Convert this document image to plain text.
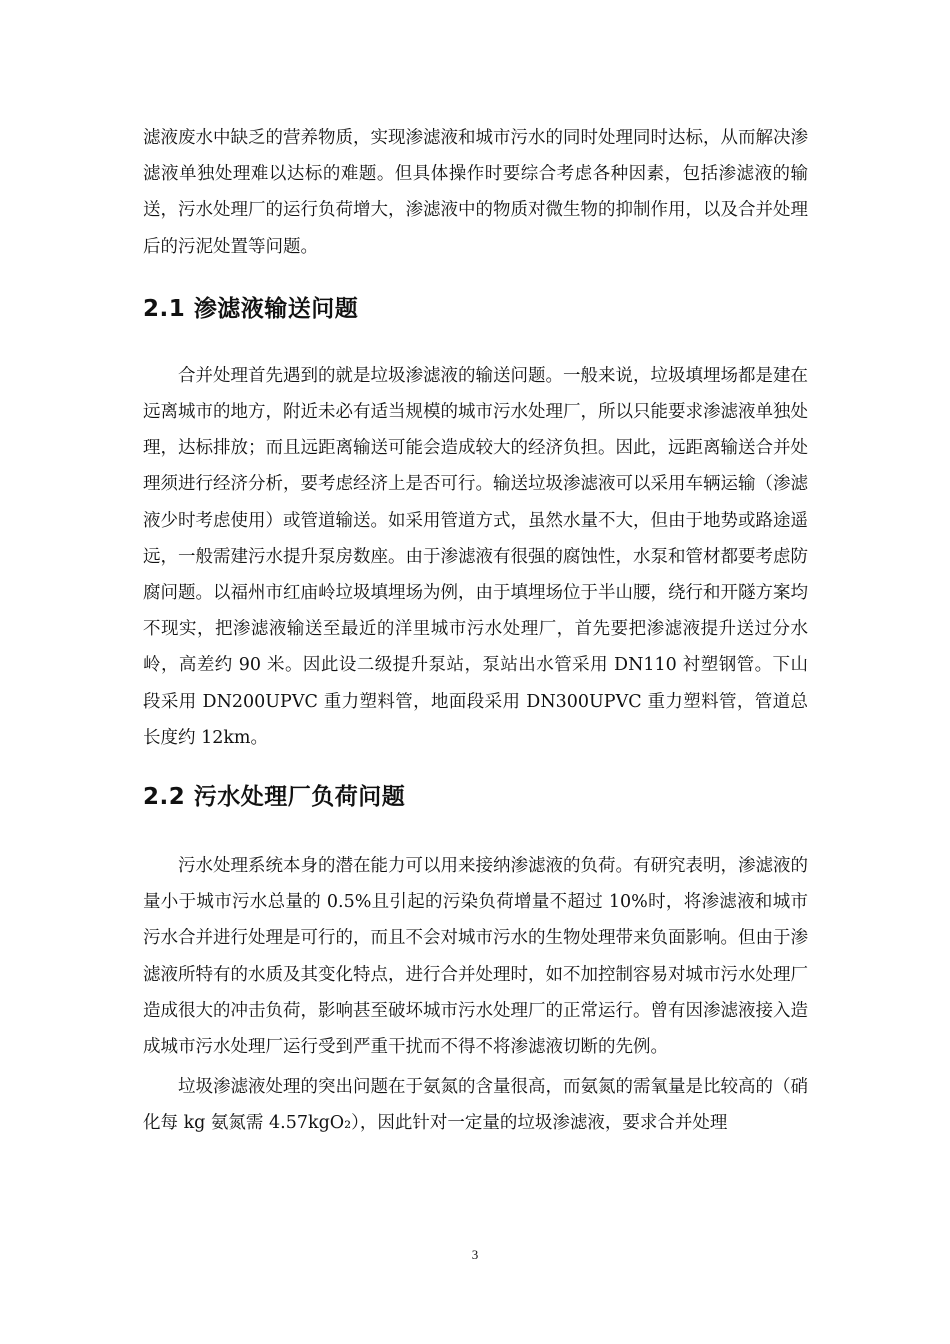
滤液废水中缺乏的营养物质，实现渗滤液和城市污水的同时处理同时达标，从而解决渗滤液单独处理难以达标的难题。但具体操作时要综合考虑各种因素，包括渗滤液的输送，污水处理厂的运行负荷增大，渗滤液中的物质对微生物的抑制作用，以及合并处理后的污泥处置等问题。

2.1 渗滤液输送问题

合并处理首先遇到的就是垃圾渗滤液的输送问题。一般来说，垃圾填埋场都是建在远离城市的地方，附近未必有适当规模的城市污水处理厂，所以只能要求渗滤液单独处理，达标排放；而且远距离输送可能会造成较大的经济负担。因此，远距离输送合并处理须进行经济分析，要考虑经济上是否可行。输送垃圾渗滤液可以采用车辆运输（渗滤液少时考虑使用）或管道输送。如采用管道方式，虽然水量不大，但由于地势或路途遥远，一般需建污水提升泵房数座。由于渗滤液有很强的腐蚀性，水泵和管材都要考虑防腐问题。以福州市红庙岭垃圾填埋场为例，由于填埋场位于半山腰，绕行和开隧方案均不现实，把渗滤液输送至最近的洋里城市污水处理厂，首先要把渗滤液提升送过分水岭，高差约 90 米。因此设二级提升泵站，泵站出水管采用 DN110 衬塑钢管。下山段采用 DN200UPVC 重力塑料管，地面段采用 DN300UPVC 重力塑料管，管道总长度约 12km。

2.2 污水处理厂负荷问题

污水处理系统本身的潜在能力可以用来接纳渗滤液的负荷。有研究表明，渗滤液的量小于城市污水总量的 0.5%且引起的污染负荷增量不超过 10%时，将渗滤液和城市污水合并进行处理是可行的，而且不会对城市污水的生物处理带来负面影响。但由于渗滤液所特有的水质及其变化特点，进行合并处理时，如不加控制容易对城市污水处理厂造成很大的冲击负荷，影响甚至破坏城市污水处理厂的正常运行。曾有因渗滤液接入造成城市污水处理厂运行受到严重干扰而不得不将渗滤液切断的先例。

垃圾渗滤液处理的突出问题在于氨氮的含量很高，而氨氮的需氧量是比较高的（硝化每 kg 氨氮需 4.57kgO₂），因此针对一定量的垃圾渗滤液，要求合并处理

3
